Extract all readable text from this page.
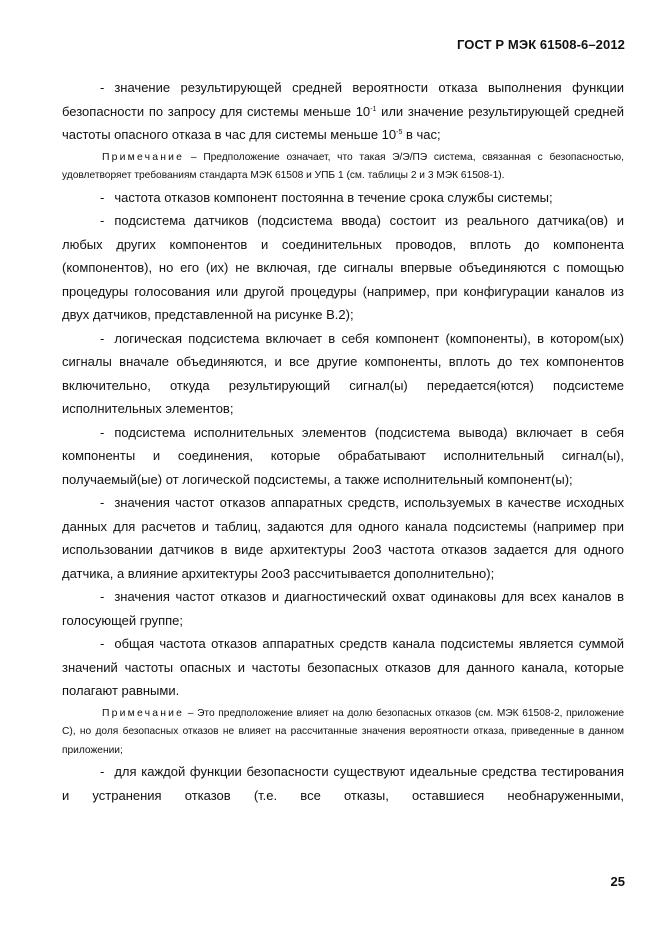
ГОСТ Р МЭК 61508-6–2012

- значение результирующей средней вероятности отказа выполнения функции безопасности по запросу для системы меньше $10^{-1}$ или значение результирующей средней частоты опасного отказа в час для системы меньше $10^{-5}$ в час;

Примечание – Предположение означает, что такая Э/Э/ПЭ система, связанная с безопасностью, удовлетворяет требованиям стандарта МЭК 61508 и УПБ 1 (см. таблицы 2 и 3 МЭК 61508-1).

- частота отказов компонент постоянна в течение срока службы системы;

- подсистема датчиков (подсистема ввода) состоит из реального датчика(ов) и любых других компонентов и соединительных проводов, вплоть до компонента (компонентов), но его (их) не включая, где сигналы впервые объединяются с помощью процедуры голосования или другой процедуры (например, при конфигурации каналов из двух датчиков, представленной на рисунке В.2);

- логическая подсистема включает в себя компонент (компоненты), в котором(ых) сигналы вначале объединяются, и все другие компоненты, вплоть до тех компонентов включительно, откуда результирующий сигнал(ы) передается(ются) подсистеме исполнительных элементов;

- подсистема исполнительных элементов (подсистема вывода) включает в себя компоненты и соединения, которые обрабатывают исполнительный сигнал(ы), получаемый(ые) от логической подсистемы, а также исполнительный компонент(ы);

- значения частот отказов аппаратных средств, используемых в качестве исходных данных для расчетов и таблиц, задаются для одного канала подсистемы (например при использовании датчиков в виде архитектуры 2оо3 частота отказов задается для одного датчика, а влияние архитектуры 2оо3 рассчитывается дополнительно);

- значения частот отказов и диагностический охват одинаковы для всех каналов в голосующей группе;

- общая частота отказов аппаратных средств канала подсистемы является суммой значений частоты опасных и частоты безопасных отказов для данного канала, которые полагают равными.

Примечание – Это предположение влияет на долю безопасных отказов (см. МЭК 61508-2, приложение С), но доля безопасных отказов не влияет на рассчитанные значения вероятности отказа, приведенные в данном приложении;

- для каждой функции безопасности существуют идеальные средства тестирования и устранения отказов (т.е. все отказы, оставшиеся необнаруженными,

25
